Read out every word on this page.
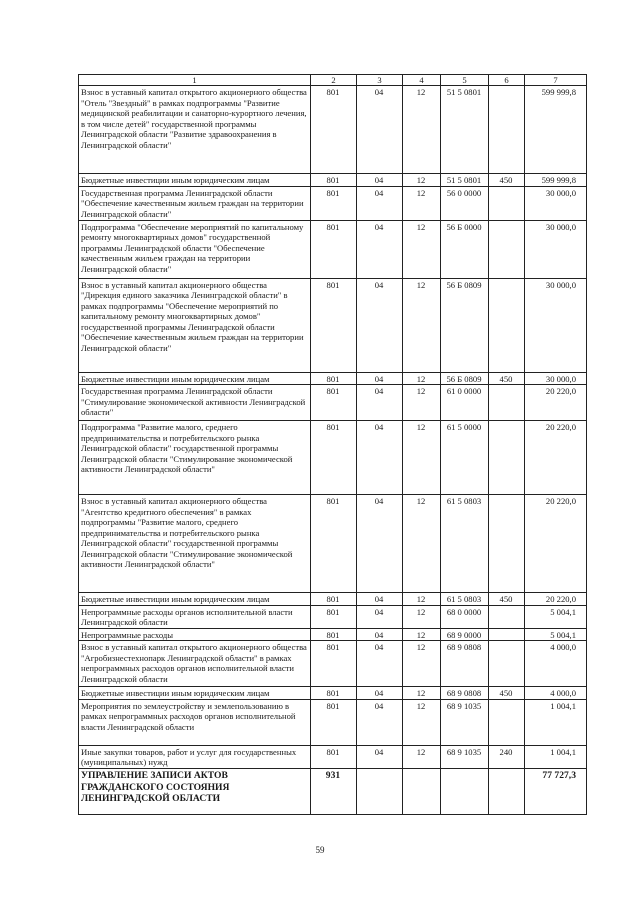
1	2	3	4	5	6	7
Взнос в уставный капитал открытого акционерного общества "Отель "Звездный" в рамках подпрограммы "Развитие медицинской реабилитации и санаторно-курортного лечения, в том числе детей" государственной программы Ленинградской области "Развитие здравоохранения в Ленинградской области"	801	04	12	51 5 0801		599 999,8
Бюджетные инвестиции иным юридическим лицам	801	04	12	51 5 0801	450	599 999,8
Государственная программа Ленинградской области "Обеспечение качественным жильем граждан на территории Ленинградской области"	801	04	12	56 0 0000		30 000,0
Подпрограмма "Обеспечение мероприятий по капитальному ремонту многоквартирных домов" государственной программы Ленинградской области "Обеспечение качественным жильем граждан на территории Ленинградской области"	801	04	12	56 Б 0000		30 000,0
Взнос в уставный капитал акционерного общества "Дирекция единого заказчика Ленинградской области" в рамках подпрограммы "Обеспечение мероприятий по капитальному ремонту многоквартирных домов" государственной программы Ленинградской области "Обеспечение качественным жильем граждан на территории Ленинградской области"	801	04	12	56 Б 0809		30 000,0
Бюджетные инвестиции иным юридическим лицам	801	04	12	56 Б 0809	450	30 000,0
Государственная программа Ленинградской области "Стимулирование экономической активности Ленинградской области"	801	04	12	61 0 0000		20 220,0
Подпрограмма "Развитие малого, среднего предпринимательства и потребительского рынка Ленинградской области" государственной программы Ленинградской области "Стимулирование экономической активности Ленинградской области"	801	04	12	61 5 0000		20 220,0
Взнос в уставный капитал акционерного общества "Агентство кредитного обеспечения" в рамках подпрограммы "Развитие малого, среднего предпринимательства и потребительского рынка Ленинградской области" государственной программы Ленинградской области "Стимулирование экономической активности Ленинградской области"	801	04	12	61 5 0803		20 220,0
Бюджетные инвестиции иным юридическим лицам	801	04	12	61 5 0803	450	20 220,0
Непрограммные расходы органов исполнительной власти Ленинградской области	801	04	12	68 0 0000		5 004,1
Непрограммные расходы	801	04	12	68 9 0000		5 004,1
Взнос в уставный капитал открытого акционерного общества "Агробизнестехнопарк Ленинградской области" в рамках непрограммных расходов органов исполнительной власти Ленинградской области	801	04	12	68 9 0808		4 000,0
Бюджетные инвестиции иным юридическим лицам	801	04	12	68 9 0808	450	4 000,0
Мероприятия по землеустройству и землепользованию в рамках непрограммных расходов органов исполнительной власти Ленинградской области	801	04	12	68 9 1035		1 004,1
Иные закупки товаров, работ и услуг для государственных (муниципальных) нужд	801	04	12	68 9 1035	240	1 004,1
УПРАВЛЕНИЕ ЗАПИСИ АКТОВ ГРАЖДАНСКОГО СОСТОЯНИЯ ЛЕНИНГРАДСКОЙ ОБЛАСТИ	931					77 727,3
59
